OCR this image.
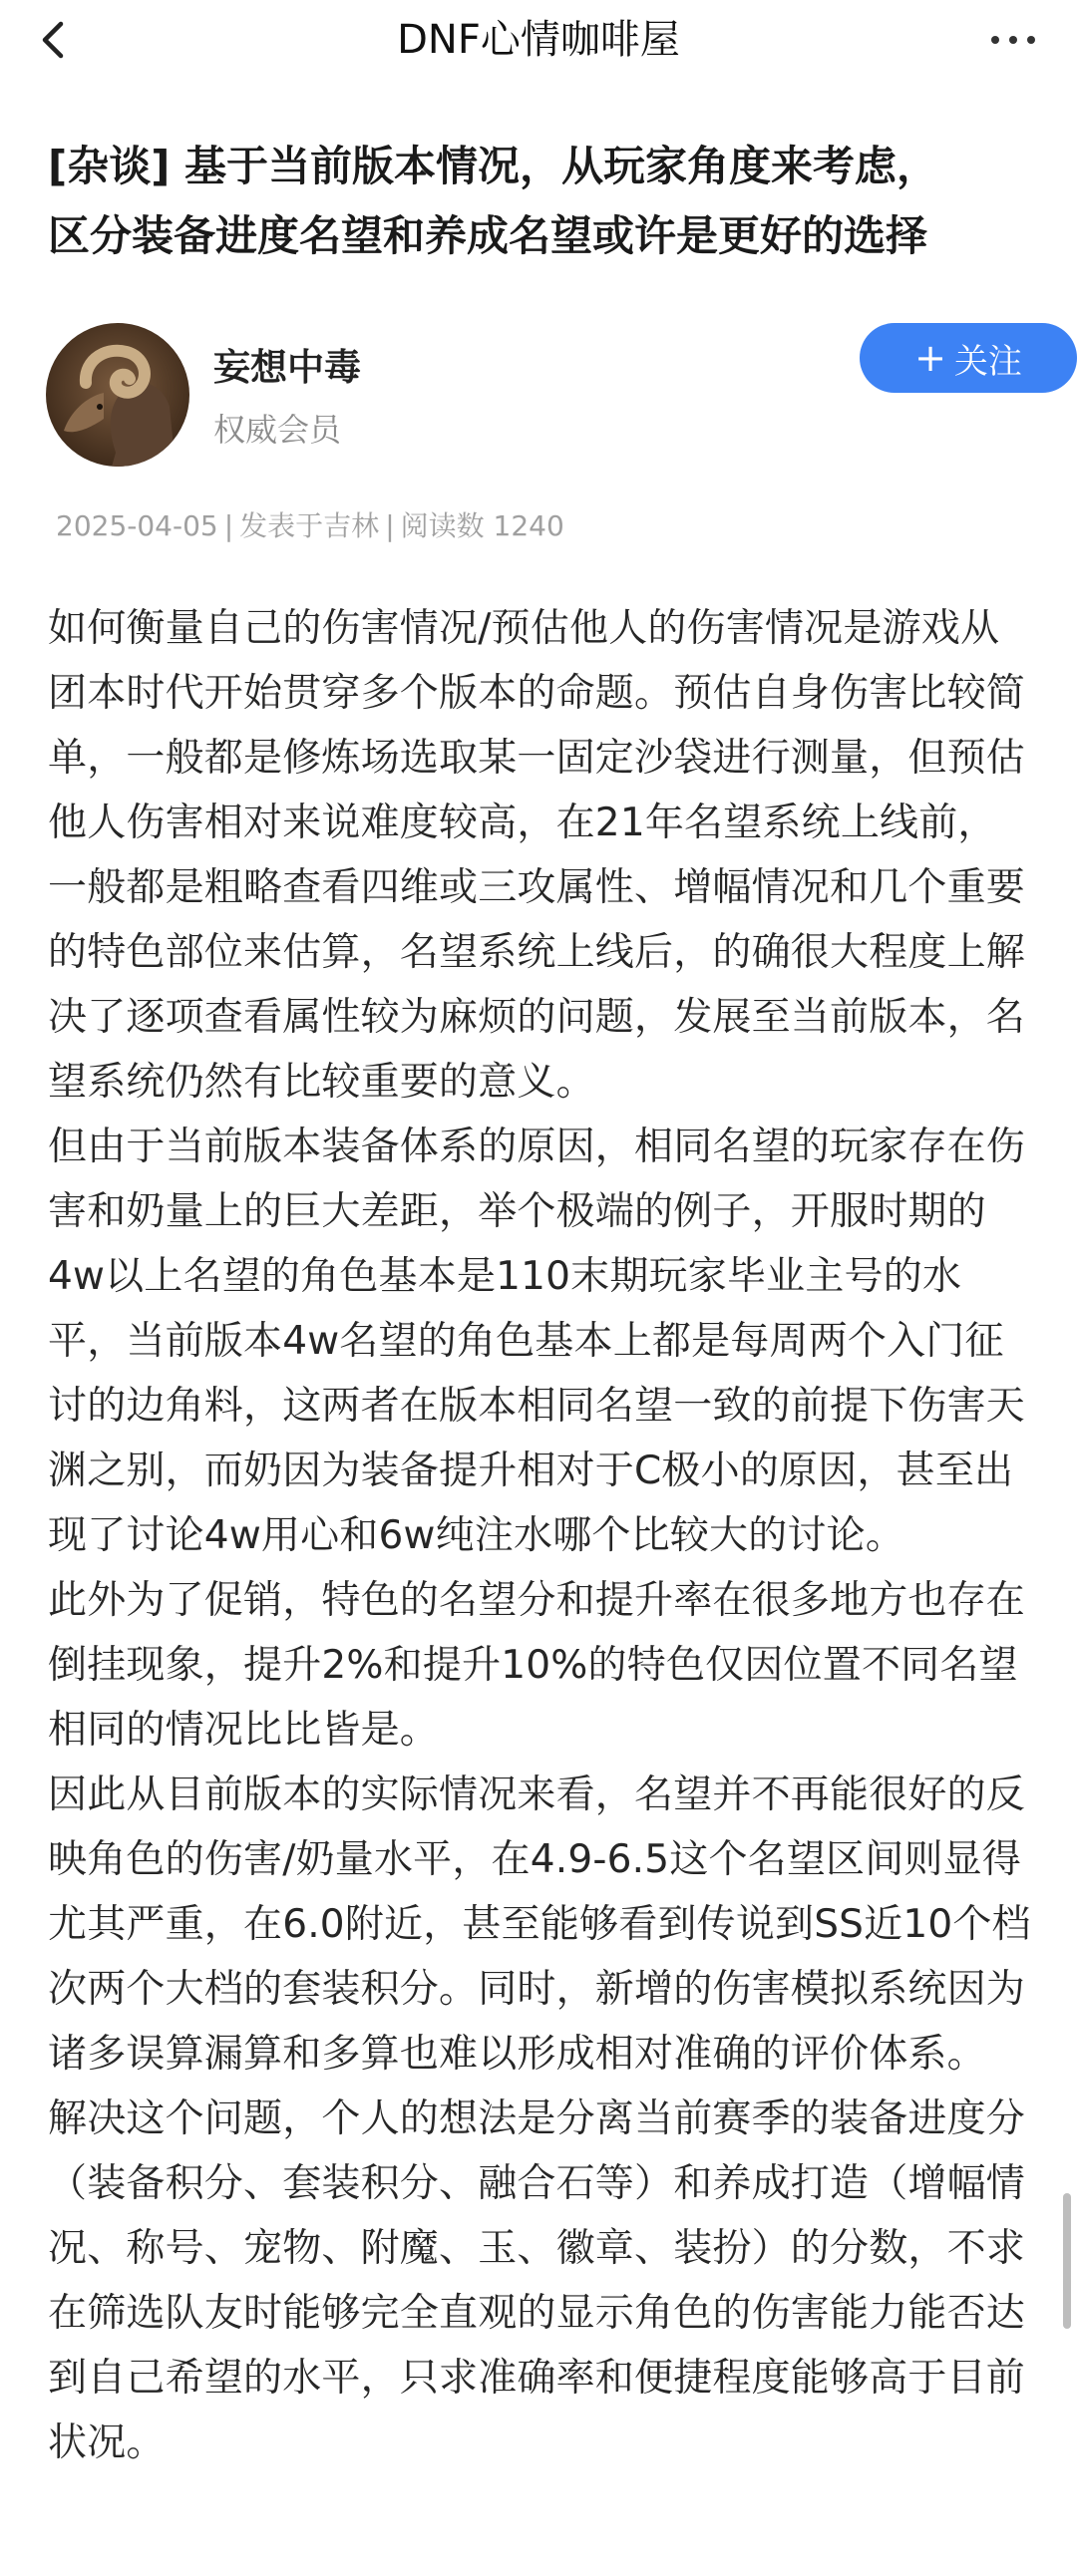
DNF心情咖啡屋
[杂谈] 基于当前版本情况，从玩家角度来考虑，
区分装备进度名望和养成名望或许是更好的选择
妄想中毒
权威会员
+ 关注
2025-04-05 | 发表于吉林 | 阅读数 1240

如何衡量自己的伤害情况/预估他人的伤害情况是游戏从团本时代开始贯穿多个版本的命题。预估自身伤害比较简单，一般都是修炼场选取某一固定沙袋进行测量，但预估他人伤害相对来说难度较高，在21年名望系统上线前，一般都是粗略查看四维或三攻属性、增幅情况和几个重要的特色部位来估算，名望系统上线后，的确很大程度上解决了逐项查看属性较为麻烦的问题，发展至当前版本，名望系统仍然有比较重要的意义。

但由于当前版本装备体系的原因，相同名望的玩家存在伤害和奶量上的巨大差距，举个极端的例子，开服时期的4w以上名望的角色基本是110末期玩家毕业主号的水平，当前版本4w名望的角色基本上都是每周两个入门征讨的边角料，这两者在版本相同名望一致的前提下伤害天渊之别，而奶因为装备提升相对于C极小的原因，甚至出现了讨论4w用心和6w纯注水哪个比较大的讨论。

此外为了促销，特色的名望分和提升率在很多地方也存在倒挂现象，提升2%和提升10%的特色仅因位置不同名望相同的情况比比皆是。

因此从目前版本的实际情况来看，名望并不再能很好的反映角色的伤害/奶量水平，在4.9-6.5这个名望区间则显得尤其严重，在6.0附近，甚至能够看到传说到SS近10个档次两个大档的套装积分。同时，新增的伤害模拟系统因为诸多误算漏算和多算也难以形成相对准确的评价体系。

解决这个问题，个人的想法是分离当前赛季的装备进度分（装备积分、套装积分、融合石等）和养成打造（增幅情况、称号、宠物、附魔、玉、徽章、装扮）的分数，不求在筛选队友时能够完全直观的显示角色的伤害能力能否达到自己希望的水平，只求准确率和便捷程度能够高于目前状况。
